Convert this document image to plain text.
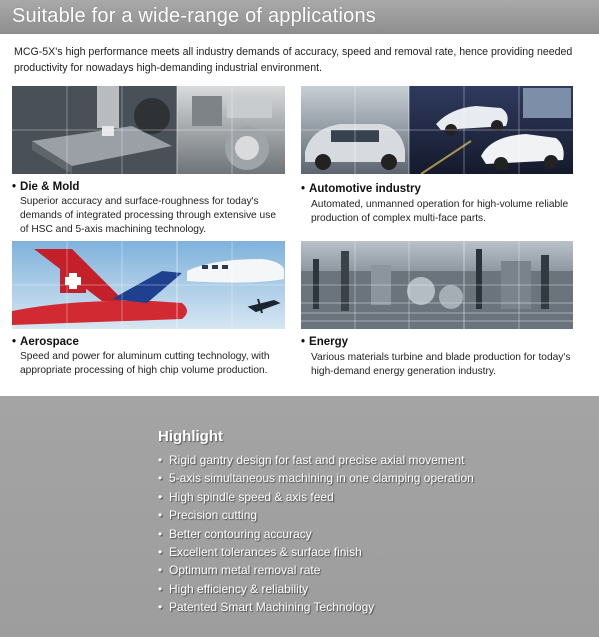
Suitable for a wide-range of applications
MCG-5X's high performance meets all industry demands of accuracy, speed and removal rate, hence providing needed productivity for nowadays high-demanding industrial environment.
• Die & Mold
Superior accuracy and surface-roughness for today's demands of integrated processing through extensive use of HSC and 5-axis machining technology.
• Automotive industry
Automated, unmanned operation for high-volume reliable production of complex multi-face parts.
• Aerospace
Speed and power for aluminum cutting technology, with appropriate processing of high chip volume production.
• Energy
Various materials turbine and blade production for today's high-demand energy generation industry.
Highlight
• Rigid gantry design for fast and precise axial movement
• 5-axis simultaneous machining in one clamping operation
• High spindle speed & axis feed
• Precision cutting
• Better contouring accuracy
• Excellent tolerances & surface finish
• Optimum metal removal rate
• High efficiency & reliability
• Patented Smart Machining Technology
